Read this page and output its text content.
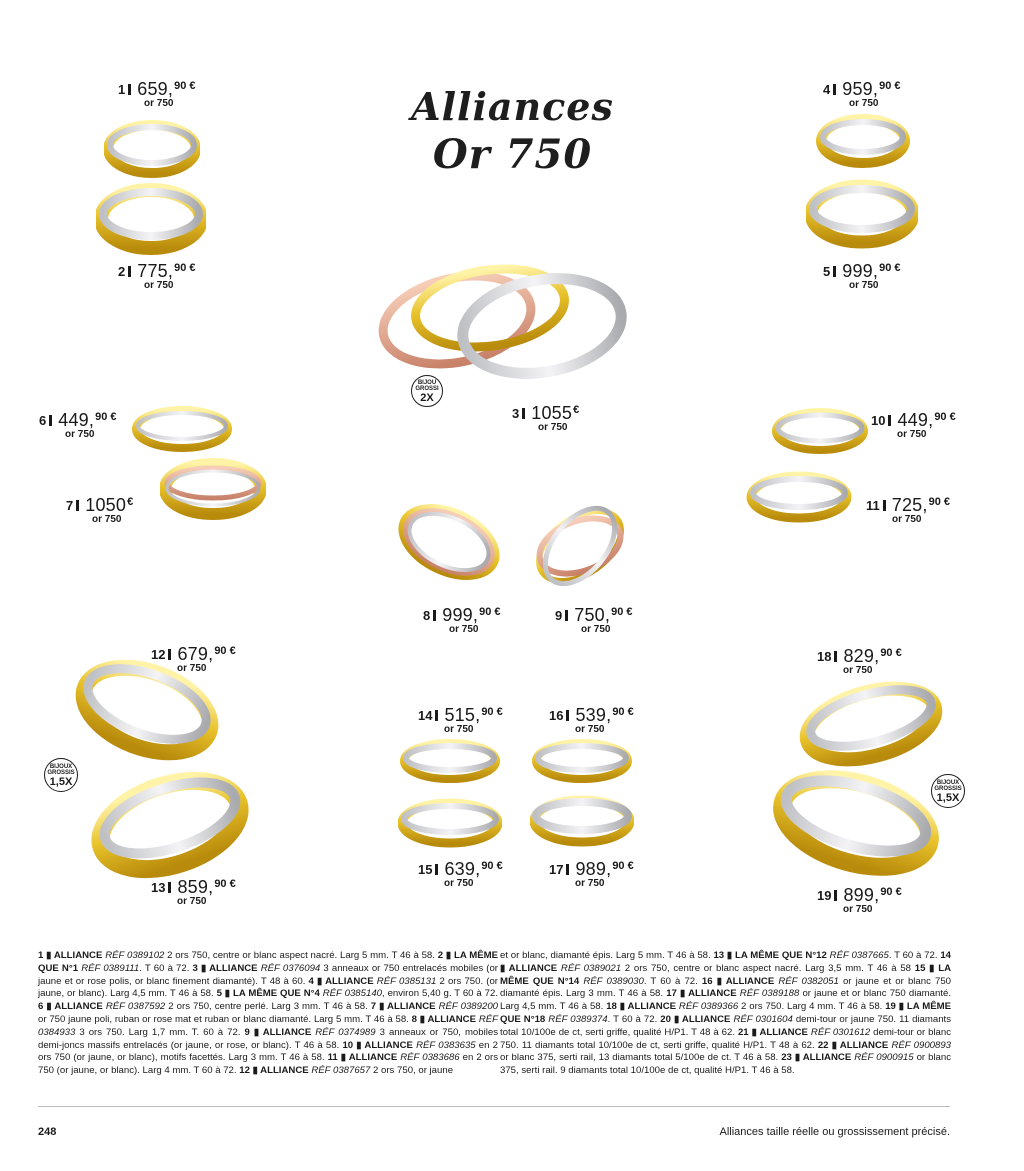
Alliances
Or 750
BIJOU
GROSSI
2X
BIJOUX
GROSSIS
1,5X	BIJOUX
GROSSIS
1,5X
1 659, 90 €
or 750
2 775, 90 €
or 750
3 1055 €
or 750
4 959, 90 €
or 750
5 999, 90 €
or 750
6 449, 90 €
or 750
7 1050 €
or 750
8 999, 90 €
or 750
9 750, 90 €
or 750
10 449, 90 €
or 750
11 725, 90 €
or 750
12 679, 90 €
or 750
13 859, 90 €
or 750
14 515, 90 €
or 750
15 639, 90 €
or 750
16 539, 90 €
or 750
17 989, 90 €
or 750
18 829, 90 €
or 750
19 899, 90 €
or 750

1 ▮ ALLIANCE RÉF 0389102 2 ors 750, centre or blanc aspect nacré. Larg 5 mm. T 46 à 58.

2 ▮ LA MÊME QUE N°1 RÉF 0389111. T 60 à 72.

3 ▮ ALLIANCE RÉF 0376094 3 anneaux or 750 entrelacés mobiles (or jaune et or rose polis, or blanc finement diamanté). T 48 à 60.

4 ▮ ALLIANCE RÉF 0385131 2 ors 750. (or jaune, or blanc). Larg 4,5 mm. T 46 à 58.

5 ▮ LA MÊME QUE N°4 RÉF 0385140, environ 5,40 g. T 60 à 72.

6 ▮ ALLIANCE RÉF 0387592 2 ors 750, centre perlé. Larg 3 mm. T 46 à 58.

7 ▮ ALLIANCE RÉF 0389200 or 750 jaune poli, ruban or rose mat et ruban or blanc diamanté. Larg 5 mm. T 46 à 58.

8 ▮ ALLIANCE RÉF 0384933 3 ors 750. Larg 1,7 mm. T. 60 à 72.

9 ▮ ALLIANCE RÉF 0374989 3 anneaux or 750, mobiles demi-joncs massifs entrelacés (or jaune, or rose, or blanc). T 46 à 58.

10 ▮ ALLIANCE RÉF 0383635 en 2 ors 750 (or jaune, or blanc), motifs facettés. Larg 3 mm. T 46 à 58.

11 ▮ ALLIANCE RÉF 0383686 en 2 ors 750 (or jaune, or blanc). Larg 4 mm. T 60 à 72.

12 ▮ ALLIANCE RÉF 0387657 2 ors 750, or jaune

et or blanc, diamanté épis. Larg 5 mm. T 46 à 58.

13 ▮ LA MÊME QUE N°12 RÉF 0387665. T 60 à 72.

14 ▮ ALLIANCE RÉF 0389021 2 ors 750, centre or blanc aspect nacré. Larg 3,5 mm. T 46 à 58

15 ▮ LA MÊME QUE N°14 RÉF 0389030. T 60 à 72.

16 ▮ ALLIANCE RÉF 0382051 or jaune et or blanc 750 diamanté épis. Larg 3 mm. T 46 à 58.

17 ▮ ALLIANCE RÉF 0389188 or jaune et or blanc 750 diamanté. Larg 4,5 mm. T 46 à 58.

18 ▮ ALLIANCE RÉF 0389366 2 ors 750. Larg 4 mm. T 46 à 58.

19 ▮ LA MÊME QUE N°18 RÉF 0389374. T 60 à 72.

20 ▮ ALLIANCE RÉF 0301604 demi-tour or jaune 750. 11 diamants total 10/100e de ct, serti griffe, qualité H/P1. T 48 à 62.

21 ▮ ALLIANCE RÉF 0301612 demi-tour or blanc 750. 11 diamants total 10/100e de ct, serti griffe, qualité H/P1. T 48 à 62.

22 ▮ ALLIANCE RÉF 0900893 or blanc 375, serti rail, 13 diamants total 5/100e de ct. T 46 à 58.

23 ▮ ALLIANCE RÉF 0900915 or blanc 375, serti rail. 9 diamants total 10/100e de ct, qualité H/P1. T 46 à 58.

248	Alliances taille réelle ou grossissement précisé.
